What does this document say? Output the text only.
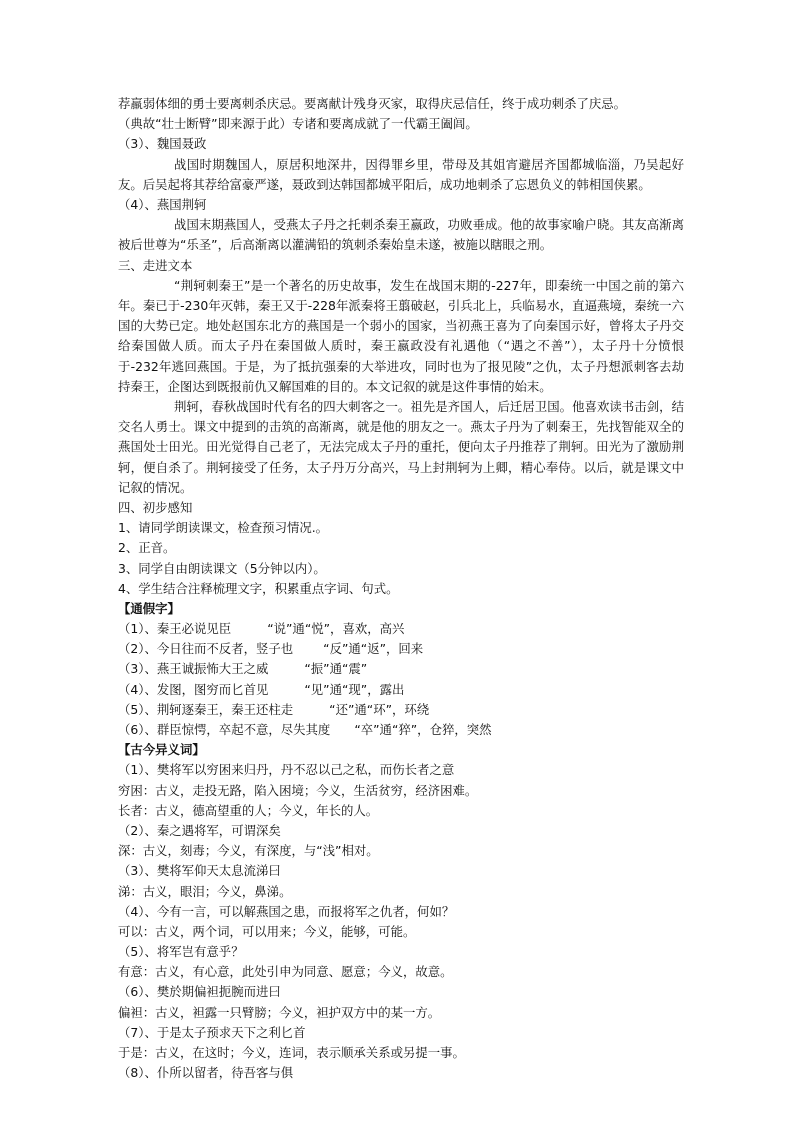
荐羸弱体细的勇士要离刺杀庆忌。要离献计残身灭家，取得庆忌信任，终于成功刺杀了庆忌。
（典故“壮士断臂”即来源于此）专诸和要离成就了一代霸王阖闾。
（3）、魏国聂政
战国时期魏国人，原居积地深井，因得罪乡里，带母及其姐宵避居齐国都城临淄，乃吴起好友。后吴起将其荐给富豪严遂，聂政到达韩国都城平阳后，成功地刺杀了忘恩负义的韩相国侠累。
（4）、燕国荆轲
战国末期燕国人，受燕太子丹之托刺杀秦王嬴政，功败垂成。他的故事家喻户晓。其友高渐离被后世尊为“乐圣”，后高渐离以灌满铅的筑刺杀秦始皇未遂，被施以瞎眼之刑。
三、走进文本
“荆轲刺秦王”是一个著名的历史故事，发生在战国末期的-227年，即秦统一中国之前的第六年。秦已于-230年灭韩，秦王又于-228年派秦将王翦破赵，引兵北上，兵临易水，直逼燕境，秦统一六国的大势已定。地处赵国东北方的燕国是一个弱小的国家，当初燕王喜为了向秦国示好，曾将太子丹交给秦国做人质。而太子丹在秦国做人质时，秦王嬴政没有礼遇他（“遇之不善”），太子丹十分愤恨于-232年逃回燕国。于是，为了抵抗强秦的大举进攻，同时也为了报见陵”之仇，太子丹想派刺客去劫持秦王，企图达到既报前仇又解国难的目的。本文记叙的就是这件事情的始末。
荆轲，春秋战国时代有名的四大刺客之一。祖先是齐国人，后迁居卫国。他喜欢读书击剑，结交名人勇士。课文中提到的击筑的高渐离，就是他的朋友之一。燕太子丹为了刺秦王，先找智能双全的燕国处士田光。田光觉得自己老了，无法完成太子丹的重托，便向太子丹推荐了荆轲。田光为了激励荆轲，便自杀了。荆轲接受了任务，太子丹万分高兴，马上封荆轲为上卿，精心奉侍。以后，就是课文中记叙的情况。
四、初步感知
1、请同学朗读课文，检查预习情况.。
2、正音。
3、同学自由朗读课文（5分钟以内）。
4、学生结合注释梳理文字，积累重点字词、句式。
【通假字】
（1）、秦王必说见臣	“说”通“悦”，喜欢，高兴
（2）、今日往而不反者，竖子也 “反”通“返”，回来
（3）、燕王诚振怖大王之威	“振”通“震”
（4）、发图，图穷而匕首见	“见”通“现”，露出
（5）、荆轲逐秦王，秦王还柱走	“还”通“环”，环绕
（6）、群臣惊愕，卒起不意，尽失其度 “卒”通“猝”，仓猝，突然
【古今异义词】
（1）、樊将军以穷困来归丹，丹不忍以己之私，而伤长者之意
穷困：古义，走投无路，陷入困境；今义，生活贫穷，经济困难。
长者：古义，德高望重的人；今义，年长的人。
（2）、秦之遇将军，可谓深矣
深：古义，刻毒；今义，有深度，与“浅”相对。
（3）、樊将军仰天太息流涕曰
涕：古义，眼泪；今义，鼻涕。
（4）、今有一言，可以解燕国之患，而报将军之仇者，何如？
可以：古义，两个词，可以用来；今义，能够，可能。
（5）、将军岂有意乎？
有意：古义，有心意，此处引申为同意、愿意；今义，故意。
（6）、樊於期偏袒扼腕而进曰
偏袒：古义，袒露一只臂膀；今义，袒护双方中的某一方。
（7）、于是太子预求天下之利匕首
于是：古义，在这时；今义，连词，表示顺承关系或另提一事。
（8）、仆所以留者，待吾客与俱
